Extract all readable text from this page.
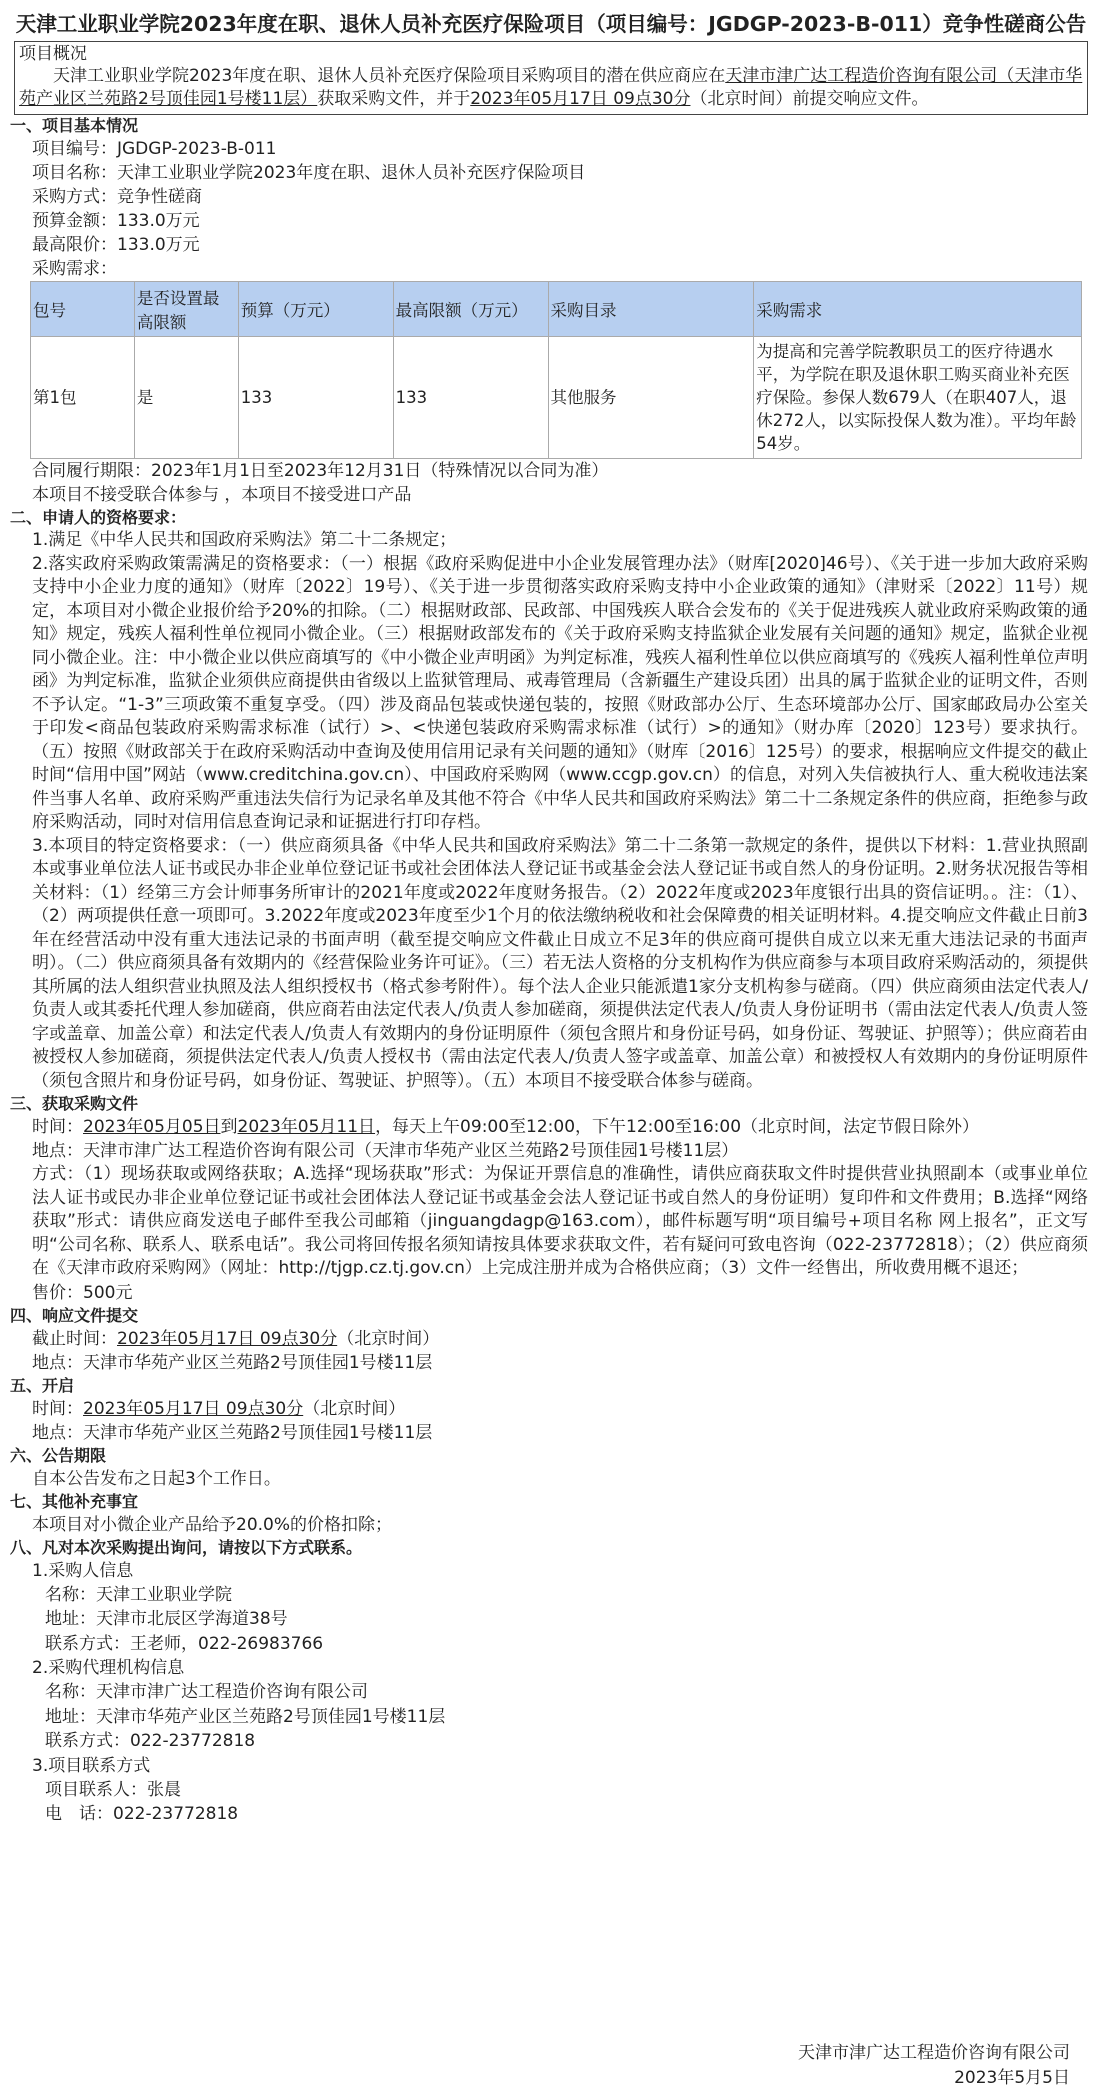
天津工业职业学院2023年度在职、退休人员补充医疗保险项目（项目编号：JGDGP-2023-B-011）竞争性磋商公告
项目概况
天津工业职业学院2023年度在职、退休人员补充医疗保险项目采购项目的潜在供应商应在天津市津广达工程造价咨询有限公司（天津市华苑产业区兰苑路2号顶佳园1号楼11层）获取采购文件，并于2023年05月17日 09点30分（北京时间）前提交响应文件。
一、项目基本情况
项目编号：JGDGP-2023-B-011
项目名称：天津工业职业学院2023年度在职、退休人员补充医疗保险项目
采购方式：竞争性磋商
预算金额：133.0万元
最高限价：133.0万元
采购需求：
包号	是否设置最高限额	预算（万元）	最高限额（万元）	采购目录	采购需求
第1包	是	133	133	其他服务	为提高和完善学院教职员工的医疗待遇水平，为学院在职及退休职工购买商业补充医疗保险。参保人数679人（在职407人，退休272人，以实际投保人数为准）。平均年龄54岁。
合同履行期限：2023年1月1日至2023年12月31日（特殊情况以合同为准）
本项目不接受联合体参与 ，本项目不接受进口产品
二、申请人的资格要求：
1.满足《中华人民共和国政府采购法》第二十二条规定；
2.落实政府采购政策需满足的资格要求：（一）根据《政府采购促进中小企业发展管理办法》（财库[2020]46号）、《关于进一步加大政府采购支持中小企业力度的通知》（财库〔2022〕19号）、《关于进一步贯彻落实政府采购支持中小企业政策的通知》（津财采〔2022〕11号）规定，本项目对小微企业报价给予20%的扣除。（二）根据财政部、民政部、中国残疾人联合会发布的《关于促进残疾人就业政府采购政策的通知》规定，残疾人福利性单位视同小微企业。（三）根据财政部发布的《关于政府采购支持监狱企业发展有关问题的通知》规定，监狱企业视同小微企业。注：中小微企业以供应商填写的《中小微企业声明函》为判定标准，残疾人福利性单位以供应商填写的《残疾人福利性单位声明函》为判定标准，监狱企业须供应商提供由省级以上监狱管理局、戒毒管理局（含新疆生产建设兵团）出具的属于监狱企业的证明文件，否则不予认定。“1-3”三项政策不重复享受。（四）涉及商品包装或快递包装的，按照《财政部办公厅、生态环境部办公厅、国家邮政局办公室关于印发<商品包装政府采购需求标准（试行）>、<快递包装政府采购需求标准（试行）>的通知》（财办库〔2020〕123号）要求执行。（五）按照《财政部关于在政府采购活动中查询及使用信用记录有关问题的通知》（财库〔2016〕125号）的要求，根据响应文件提交的截止时间“信用中国”网站（www.creditchina.gov.cn）、中国政府采购网（www.ccgp.gov.cn）的信息，对列入失信被执行人、重大税收违法案件当事人名单、政府采购严重违法失信行为记录名单及其他不符合《中华人民共和国政府采购法》第二十二条规定条件的供应商，拒绝参与政府采购活动，同时对信用信息查询记录和证据进行打印存档。
3.本项目的特定资格要求：（一）供应商须具备《中华人民共和国政府采购法》第二十二条第一款规定的条件，提供以下材料：1.营业执照副本或事业单位法人证书或民办非企业单位登记证书或社会团体法人登记证书或基金会法人登记证书或自然人的身份证明。2.财务状况报告等相关材料：（1）经第三方会计师事务所审计的2021年度或2022年度财务报告。（2）2022年度或2023年度银行出具的资信证明。。注：（1）、（2）两项提供任意一项即可。3.2022年度或2023年度至少1个月的依法缴纳税收和社会保障费的相关证明材料。4.提交响应文件截止日前3年在经营活动中没有重大违法记录的书面声明（截至提交响应文件截止日成立不足3年的供应商可提供自成立以来无重大违法记录的书面声明）。（二）供应商须具备有效期内的《经营保险业务许可证》。（三）若无法人资格的分支机构作为供应商参与本项目政府采购活动的，须提供其所属的法人组织营业执照及法人组织授权书（格式参考附件）。每个法人企业只能派遣1家分支机构参与磋商。（四）供应商须由法定代表人/负责人或其委托代理人参加磋商，供应商若由法定代表人/负责人参加磋商，须提供法定代表人/负责人身份证明书（需由法定代表人/负责人签字或盖章、加盖公章）和法定代表人/负责人有效期内的身份证明原件（须包含照片和身份证号码，如身份证、驾驶证、护照等）；供应商若由被授权人参加磋商，须提供法定代表人/负责人授权书（需由法定代表人/负责人签字或盖章、加盖公章）和被授权人有效期内的身份证明原件（须包含照片和身份证号码，如身份证、驾驶证、护照等）。（五）本项目不接受联合体参与磋商。
三、获取采购文件
时间：2023年05月05日到2023年05月11日，每天上午09:00至12:00，下午12:00至16:00（北京时间，法定节假日除外）
地点：天津市津广达工程造价咨询有限公司（天津市华苑产业区兰苑路2号顶佳园1号楼11层）
方式：（1）现场获取或网络获取；A.选择“现场获取”形式：为保证开票信息的准确性，请供应商获取文件时提供营业执照副本（或事业单位法人证书或民办非企业单位登记证书或社会团体法人登记证书或基金会法人登记证书或自然人的身份证明）复印件和文件费用；B.选择“网络获取”形式：请供应商发送电子邮件至我公司邮箱（jinguangdagp@163.com），邮件标题写明“项目编号+项目名称 网上报名”，正文写明“公司名称、联系人、联系电话”。我公司将回传报名须知请按具体要求获取文件，若有疑问可致电咨询（022-23772818）；（2）供应商须在《天津市政府采购网》（网址：http://tjgp.cz.tj.gov.cn）上完成注册并成为合格供应商；（3）文件一经售出，所收费用概不退还；
售价：500元
四、响应文件提交
截止时间：2023年05月17日 09点30分（北京时间）
地点：天津市华苑产业区兰苑路2号顶佳园1号楼11层
五、开启
时间：2023年05月17日 09点30分（北京时间）
地点：天津市华苑产业区兰苑路2号顶佳园1号楼11层
六、公告期限
自本公告发布之日起3个工作日。
七、其他补充事宜
本项目对小微企业产品给予20.0%的价格扣除；
八、凡对本次采购提出询问，请按以下方式联系。
1.采购人信息
名称：天津工业职业学院
地址：天津市北辰区学海道38号
联系方式：王老师，022-26983766
2.采购代理机构信息
名称：天津市津广达工程造价咨询有限公司
地址：天津市华苑产业区兰苑路2号顶佳园1号楼11层
联系方式：022-23772818
3.项目联系方式
项目联系人：张晨
电　话：022-23772818
天津市津广达工程造价咨询有限公司
2023年5月5日
